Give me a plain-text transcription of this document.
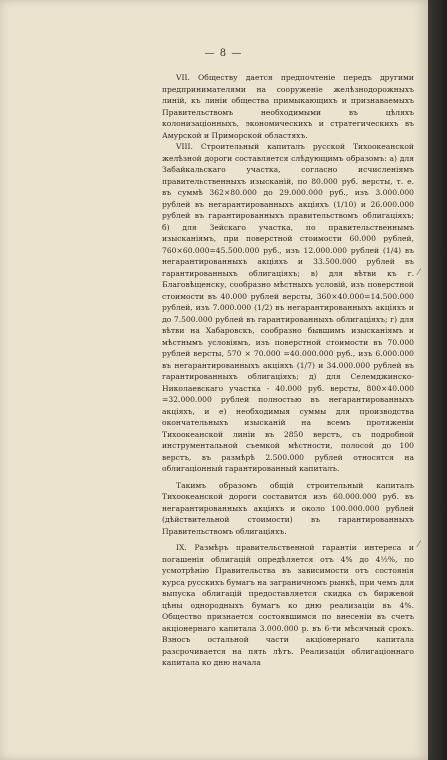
— 8 —

VII. Обществу дается предпочтеніе передъ другими предпринимателями на сооруженіе желѣзнодорожныхъ линій, къ линіи общества примыкающихъ и признаваемыхъ Правительствомъ необходимыми въ цѣляхъ колонизаціонныхъ, экономическихъ и стратегическихъ въ Амурской и Приморской областяхъ.

VIII. Строительный капиталъ русской Тихоокеанской желѣзной дороги составляется слѣдующимъ образомъ: а) для Забайкальскаго участка, согласно исчисленіямъ правительственныхъ изысканій, по 80.000 руб. версты, т. е. въ суммѣ 362×80.000 до 29.000.000 руб., изъ 3.000.000 рублей въ негарантированныхъ акціяхъ (1/10) и 26.000.000 рублей въ гарантированныхъ правительствомъ облигаціяхъ; б) для Зейскаго участка, по правительственнымъ изысканіямъ, при поверстной стоимости 60.000 рублей, 760×60.000=45.500.000 руб., изъ 12.000.000 рублей (1/4) въ негарантированныхъ акціяхъ и 33.500.000 рублей въ гарантированныхъ облигаціяхъ; в) для вѣтви къ г. Благовѣщенску, сообразно мѣстныхъ условій, изъ поверстной стоимости въ 40.000 рублей версты, 360×40.000=14.500.000 рублей, изъ 7.000.000 (1/2) въ негарантированныхъ акціяхъ и до 7.500.000 рублей въ гарантированныхъ облигаціяхъ; г) для вѣтви на Хабаровскъ, сообразно бывшимъ изысканіямъ и мѣстнымъ условіямъ, изъ поверстной стоимости въ 70.000 рублей версты, 570 × 70.000 =40.000.000 руб., изъ 6.000.000 въ негарантированныхъ акціяхъ (1/7) и 34.000.000 рублей въ гарантированныхъ облигаціяхъ; д) для Селемджинско-Николаевскаго участка - 40.000 руб. версты, 800×40.000 =32.000.000 рублей полностью въ негарантированныхъ акціяхъ, и е) необходимыя суммы для производства окончательныхъ изысканій на всемъ протяженіи Тихоокеанской линіи въ 2850 верстъ, съ подробной инструментальной съемкой мѣстности, полосой до 100 верстъ, въ размѣрѣ 2.500.000 рублей относятся на облигаціонный гарантированный капиталъ.

Такимъ образомъ общій строительный капиталъ Тихоокеанской дороги составится изъ 60.000.000 руб. въ негарантированныхъ акціяхъ и около 100.000.000 рублей (дѣйствительной стоимости) въ гарантированныхъ Правительствомъ облигаціяхъ.

IX. Размѣръ правительственной гарантіи интереса и погашенія облигацій опредѣляется отъ 4% до 4½%, по усмотрѣнію Правительства въ зависимости отъ состоянія курса русскихъ бумагъ на заграничномъ рынкѣ, при чемъ для выпуска облигацій предоставляется скидка съ биржевой цѣны однородныхъ бумагъ ко дню реализаціи въ 4%. Общество признается состоявшимся по внесеніи въ счетъ акціонернаго капитала 3.000.000 р. въ 6-ти мѣсячный срокъ. Взносъ остальной части акціонернаго капитала разсрочивается на пять лѣтъ. Реализація облигаціоннаго капитала ко дню начала

⁄
⁄
